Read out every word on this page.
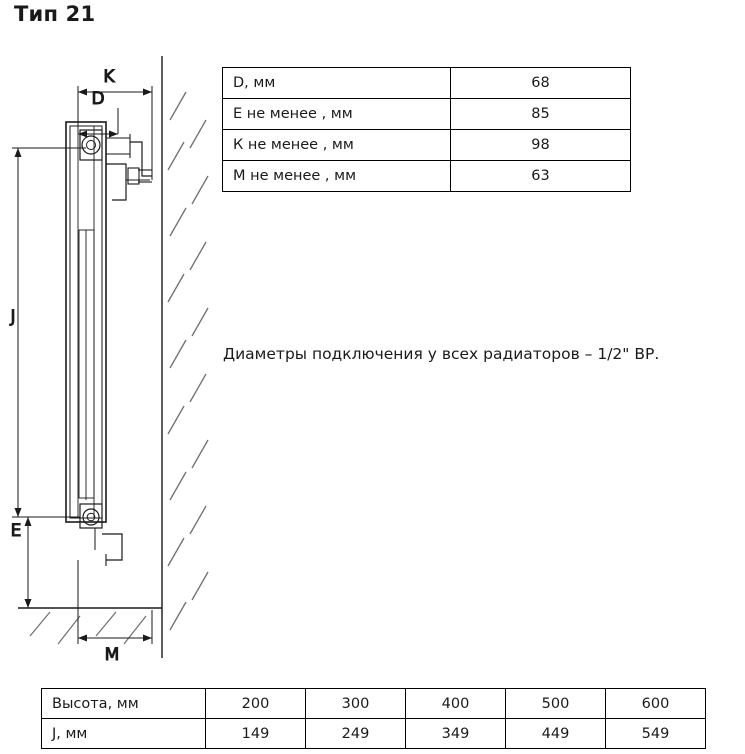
Тип 21
K
D
J
E
M
D, мм	68
E не менее , мм	85
К не менее , мм	98
М не менее , мм	63
Диаметры подключения у всех радиаторов – 1/2" ВР.
Высота, мм	200	300	400	500	600
J, мм	149	249	349	449	549
